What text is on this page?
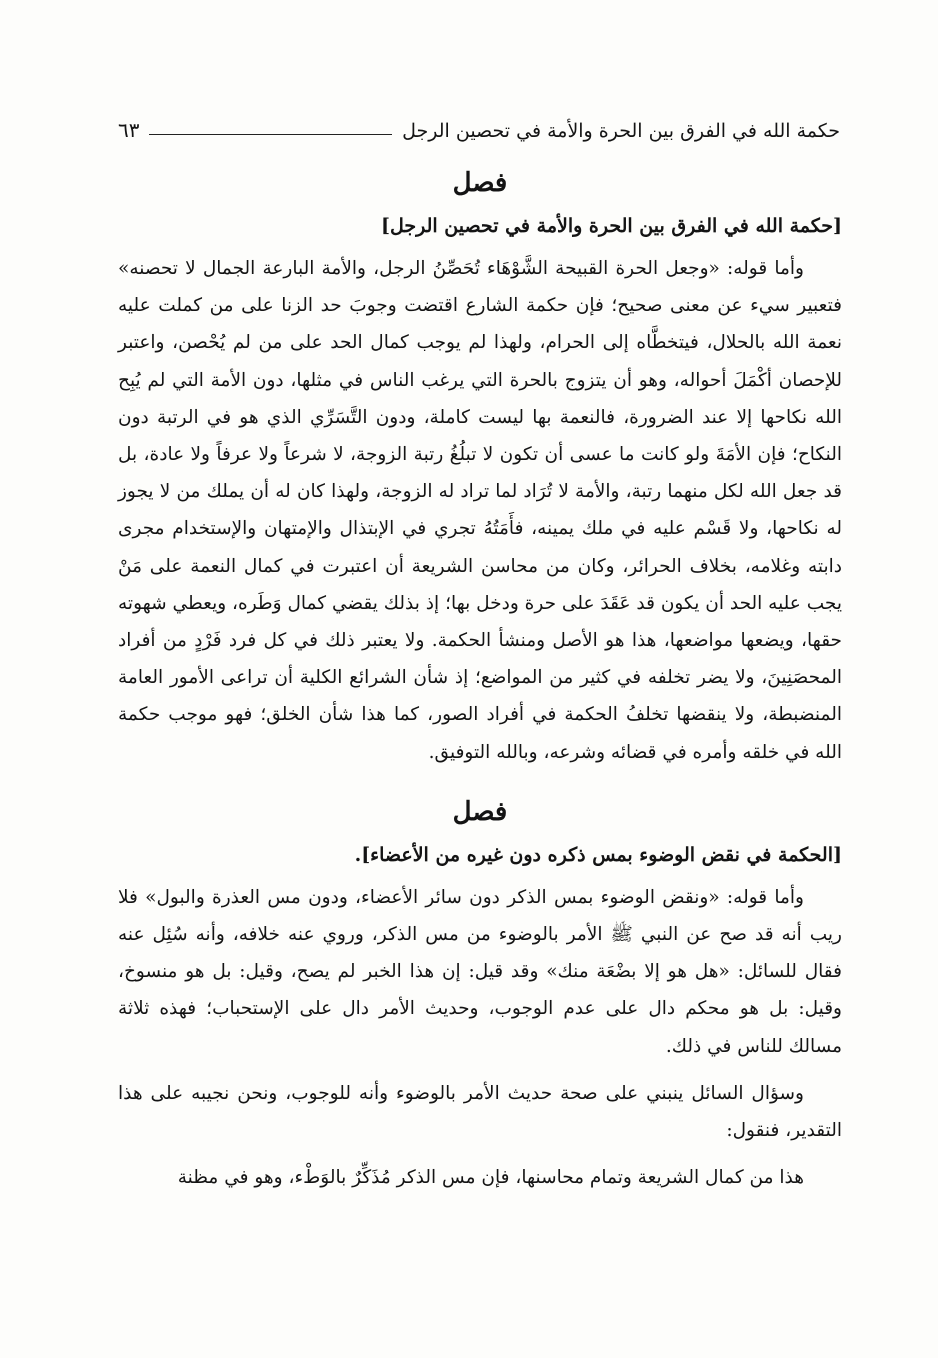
٦٣	حكمة الله في الفرق بين الحرة والأمة في تحصين الرجل
فصل
[حكمة الله في الفرق بين الحرة والأمة في تحصين الرجل]

وأما قوله: «وجعل الحرة القبيحة الشَّوْهَاء تُحَصِّنُ الرجل، والأمة البارعة الجمال لا تحصنه» فتعبير سيء عن معنى صحيح؛ فإن حكمة الشارع اقتضت وجوبَ حد الزنا على من كملت عليه نعمة الله بالحلال، فيتخطَّاه إلى الحرام، ولهذا لم يوجب كمال الحد على من لم يُحْصن، واعتبر للإحصان أكْمَلَ أحواله، وهو أن يتزوج بالحرة التي يرغب الناس في مثلها، دون الأمة التي لم يُبِح الله نكاحها إلا عند الضرورة، فالنعمة بها ليست كاملة، ودون التَّسَرِّي الذي هو في الرتبة دون النكاح؛ فإن الأمَةَ ولو كانت ما عسى أن تكون لا تبلُغُ رتبة الزوجة، لا شرعاً ولا عرفاً ولا عادة، بل قد جعل الله لكل منهما رتبة، والأمة لا تُرَاد لما تراد له الزوجة، ولهذا كان له أن يملك من لا يجوز له نكاحها، ولا قَسْم عليه في ملك يمينه، فأَمَتُهُ تجري في الإبتذال والإمتهان والإستخدام مجرى دابته وغلامه، بخلاف الحرائر، وكان من محاسن الشريعة أن اعتبرت في كمال النعمة على مَنْ يجب عليه الحد أن يكون قد عَقَدَ على حرة ودخل بها؛ إذ بذلك يقضي كمال وَطَره، ويعطي شهوته حقها، ويضعها مواضعها، هذا هو الأصل ومنشأ الحكمة. ولا يعتبر ذلك في كل فرد فَرْدٍ من أفراد المحصَنِينَ، ولا يضر تخلفه في كثير من المواضع؛ إذ شأن الشرائع الكلية أن تراعى الأمور العامة المنضبطة، ولا ينقضها تخلفُ الحكمة في أفراد الصور، كما هذا شأن الخلق؛ فهو موجب حكمة الله في خلقه وأمره في قضائه وشرعه، وبالله التوفيق.

فصل
[الحكمة في نقض الوضوء بمس ذكره دون غيره من الأعضاء].

وأما قوله: «ونقض الوضوء بمس الذكر دون سائر الأعضاء، ودون مس العذرة والبول» فلا ريب أنه قد صح عن النبي ﷺ الأمر بالوضوء من مس الذكر، وروي عنه خلافه، وأنه سُئِل عنه فقال للسائل: «هل هو إلا بضْعَة منك» وقد قيل: إن هذا الخبر لم يصح، وقيل: بل هو منسوخ، وقيل: بل هو محكم دال على عدم الوجوب، وحديث الأمر دال على الإستحباب؛ فهذه ثلاثة مسالك للناس في ذلك.

وسؤال السائل ينبني على صحة حديث الأمر بالوضوء وأنه للوجوب، ونحن نجيبه على هذا التقدير، فنقول:

هذا من كمال الشريعة وتمام محاسنها، فإن مس الذكر مُذَكِّرٌ بالوَطْء، وهو في مظنة
